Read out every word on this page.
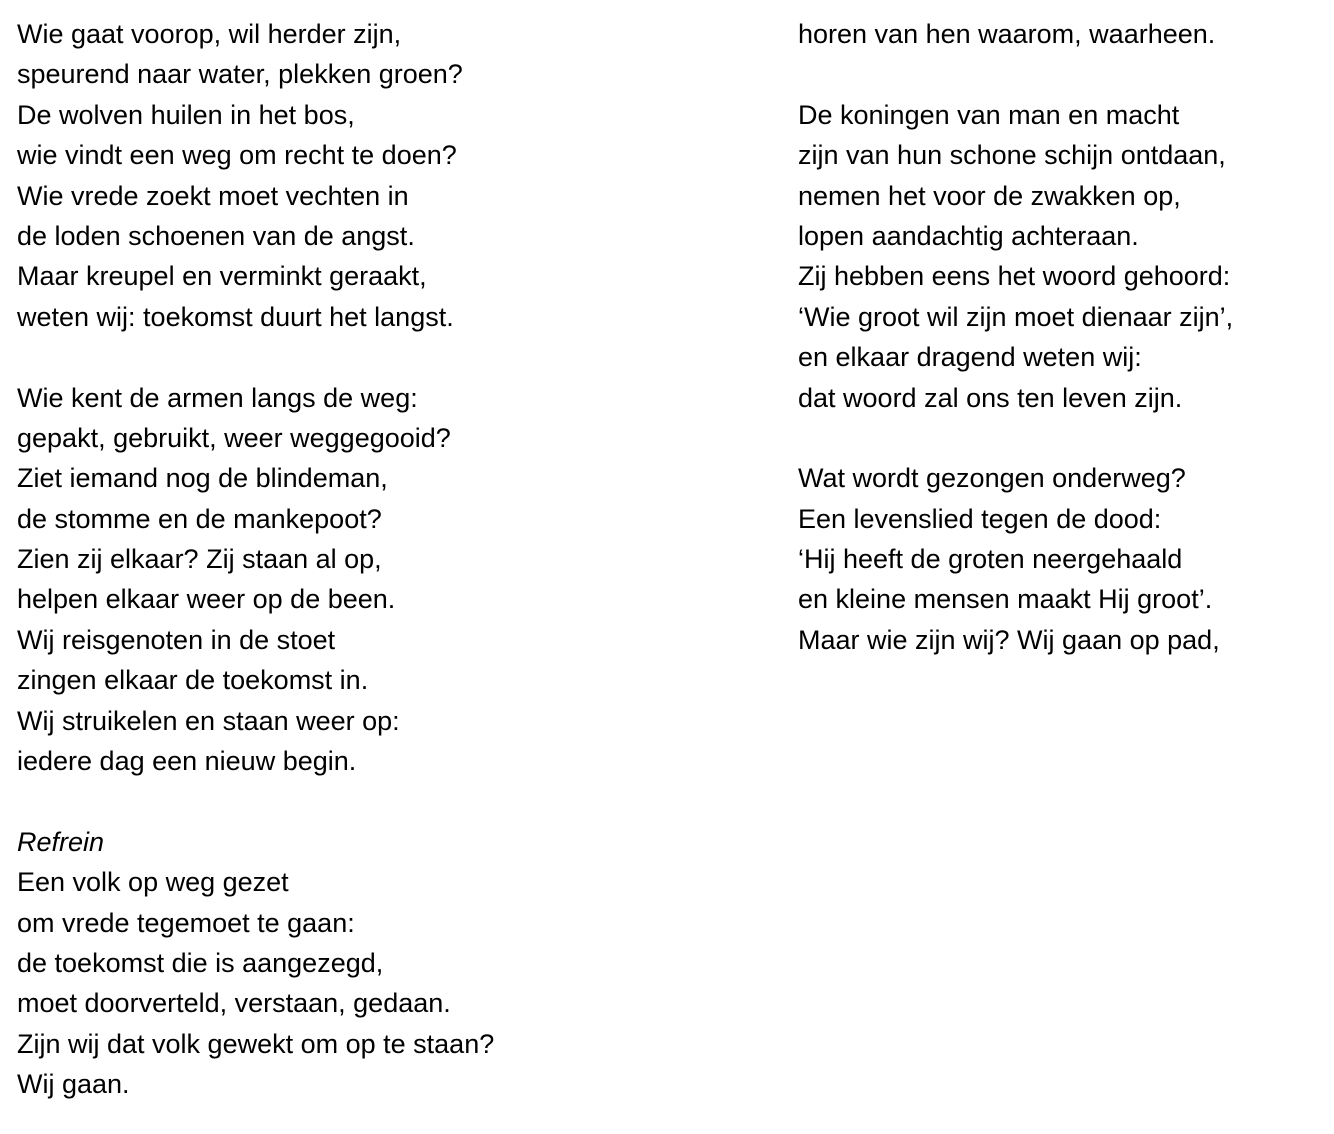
Wie gaat voorop, wil herder zijn,
speurend naar water, plekken groen?
De wolven huilen in het bos,
wie vindt een weg om recht te doen?
Wie vrede zoekt moet vechten in
de loden schoenen van de angst.
Maar kreupel en verminkt geraakt,
weten wij: toekomst duurt het langst.
Wie kent de armen langs de weg:
gepakt, gebruikt, weer weggegooid?
Ziet iemand nog de blindeman,
de stomme en de mankepoot?
Zien zij elkaar? Zij staan al op,
helpen elkaar weer op de been.
Wij reisgenoten in de stoet
zingen elkaar de toekomst in.
Wij struikelen en staan weer op:
iedere dag een nieuw begin.
Refrein
Een volk op weg gezet
om vrede tegemoet te gaan:
de toekomst die is aangezegd,
moet doorverteld, verstaan, gedaan.
Zijn wij dat volk gewekt om op te staan?
Wij gaan.
horen van hen waarom, waarheen.
De koningen van man en macht
zijn van hun schone schijn ontdaan,
nemen het voor de zwakken op,
lopen aandachtig achteraan.
Zij hebben eens het woord gehoord:
‘Wie groot wil zijn moet dienaar zijn’,
en elkaar dragend weten wij:
dat woord zal ons ten leven zijn.
Wat wordt gezongen onderweg?
Een levenslied tegen de dood:
‘Hij heeft de groten neergehaald
en kleine mensen maakt Hij groot’.
Maar wie zijn wij? Wij gaan op pad,
